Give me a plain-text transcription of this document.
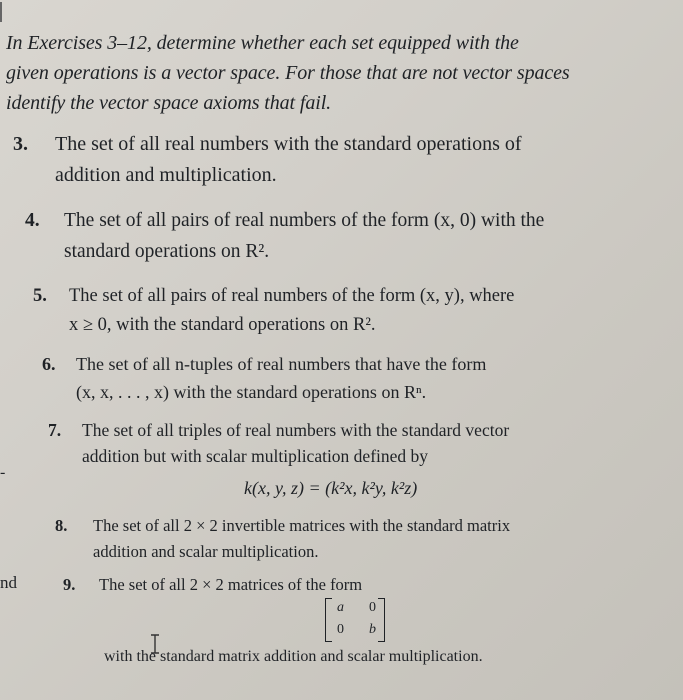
In Exercises 3–12, determine whether each set equipped with the
given operations is a vector space. For those that are not vector spaces
identify the vector space axioms that fail.
3. The set of all real numbers with the standard operations of
addition and multiplication.
4. The set of all pairs of real numbers of the form (x, 0) with the
standard operations on R².
5. The set of all pairs of real numbers of the form (x, y), where
x ≥ 0, with the standard operations on R².
6. The set of all n-tuples of real numbers that have the form
(x, x, . . . , x) with the standard operations on Rⁿ.
7. The set of all triples of real numbers with the standard vector
addition but with scalar multiplication defined by
k(x, y, z) = (k²x, k²y, k²z)
8. The set of all 2 × 2 invertible matrices with the standard matrix
addition and scalar multiplication.
9. The set of all 2 × 2 matrices of the form
a 0
0 b
with the standard matrix addition and scalar multiplication.
-
nd
